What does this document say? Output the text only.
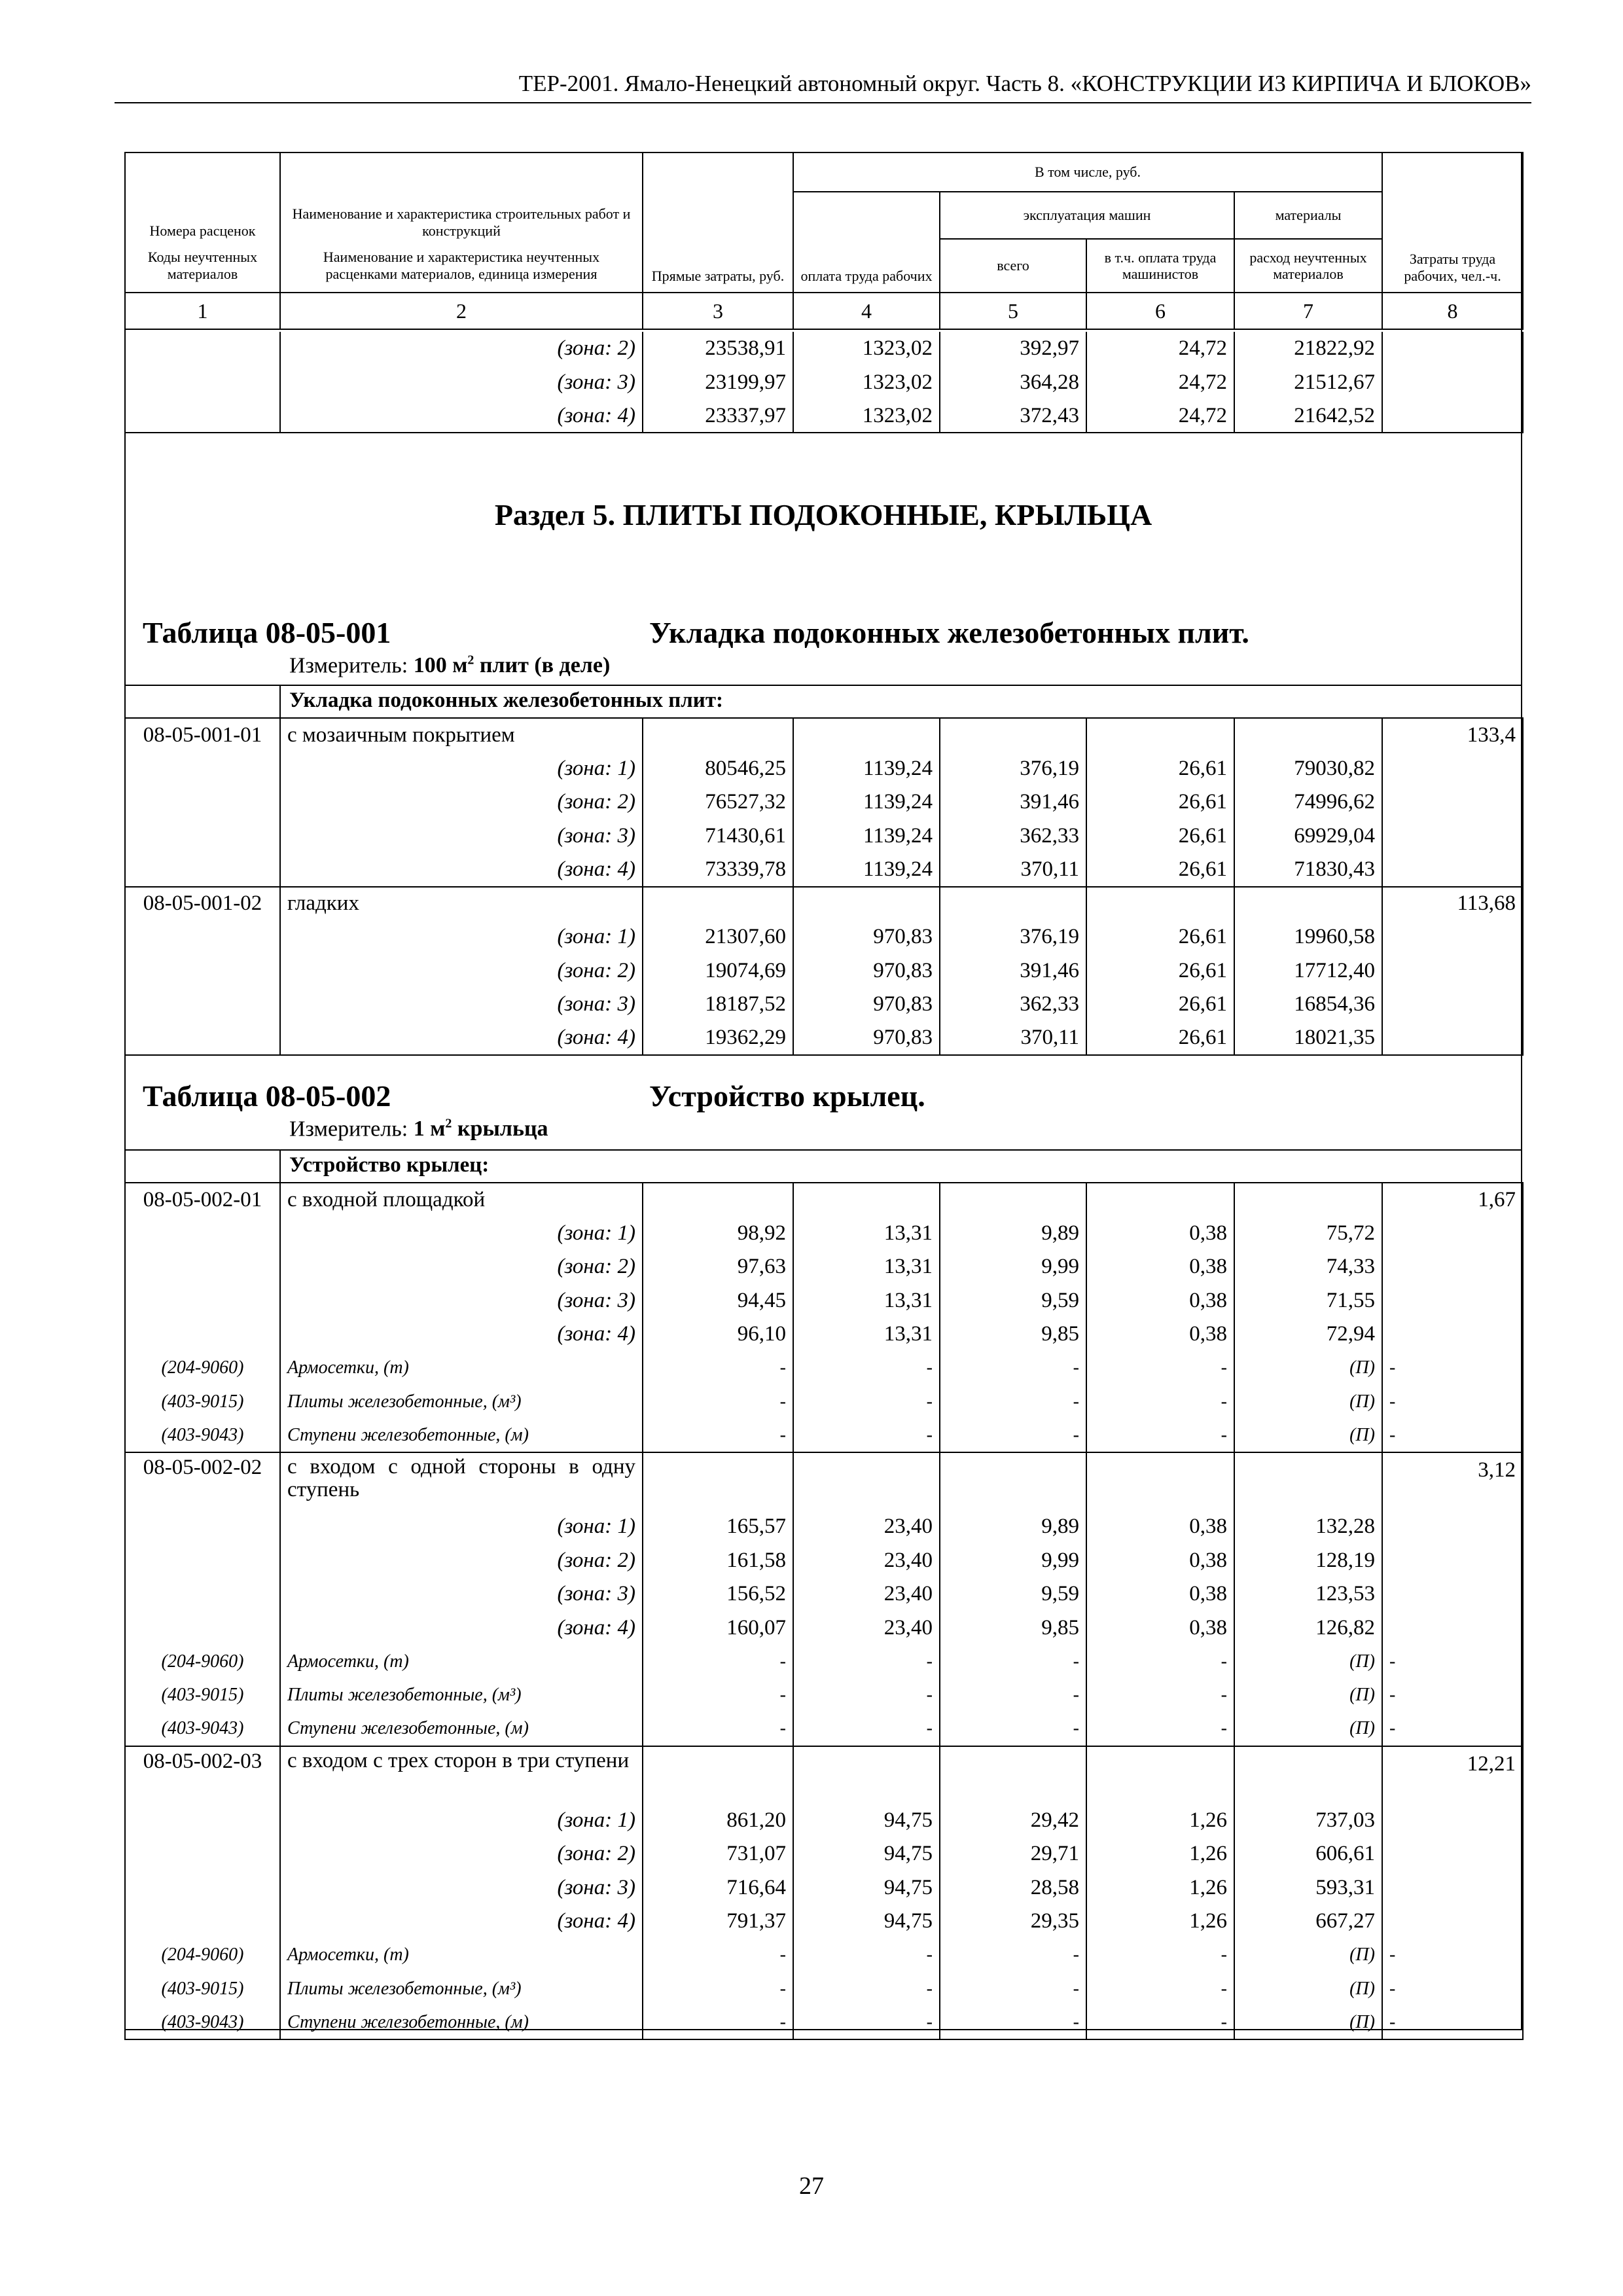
ТЕР-2001. Ямало-Ненецкий автономный округ. Часть 8. «КОНСТРУКЦИИ ИЗ КИРПИЧА И БЛОКОВ»
Номера расценок	Наименование и характеристика строительных работ и конструкций	Прямые затраты, руб.	В том числе, руб.				Затраты труда рабочих, чел.-ч.
			оплата труда рабочих	эксплуатация машин		материалы	
Коды неучтенных материалов	Наименование и характеристика неучтенных расценками материалов, единица измерения			всего	в т.ч. оплата труда машинистов	расход неучтенных материалов	
1	2	3	4	5	6	7	8
	(зона: 2)	23538,91	1323,02	392,97	24,72	21822,92	
	(зона: 3)	23199,97	1323,02	364,28	24,72	21512,67	
	(зона: 4)	23337,97	1323,02	372,43	24,72	21642,52	
Раздел 5. ПЛИТЫ ПОДОКОННЫЕ, КРЫЛЬЦА
Таблица 08-05-001	Укладка подоконных железобетонных плит.
Измеритель: 100 $м^2$ плит (в деле)
Укладка подоконных железобетонных плит:
08-05-001-01	с мозаичным покрытием						133,4
	(зона: 1)	80546,25	1139,24	376,19	26,61	79030,82	
	(зона: 2)	76527,32	1139,24	391,46	26,61	74996,62	
	(зона: 3)	71430,61	1139,24	362,33	26,61	69929,04	
	(зона: 4)	73339,78	1139,24	370,11	26,61	71830,43	
08-05-001-02	гладких						113,68
	(зона: 1)	21307,60	970,83	376,19	26,61	19960,58	
	(зона: 2)	19074,69	970,83	391,46	26,61	17712,40	
	(зона: 3)	18187,52	970,83	362,33	26,61	16854,36	
	(зона: 4)	19362,29	970,83	370,11	26,61	18021,35	
Таблица 08-05-002	Устройство крылец.
Измеритель: 1 $м^2$ крыльца
Устройство крылец:
08-05-002-01	с входной площадкой						1,67
	(зона: 1)	98,92	13,31	9,89	0,38	75,72	
	(зона: 2)	97,63	13,31	9,99	0,38	74,33	
	(зона: 3)	94,45	13,31	9,59	0,38	71,55	
	(зона: 4)	96,10	13,31	9,85	0,38	72,94	
(204-9060)	Армосетки, (т)	-	-	-	-	(П)	-
(403-9015)	Плиты железобетонные, (м³)	-	-	-	-	(П)	-
(403-9043)	Ступени железобетонные, (м)	-	-	-	-	(П)	-
08-05-002-02	с входом с одной стороны в одну ступень						3,12
	(зона: 1)	165,57	23,40	9,89	0,38	132,28	
	(зона: 2)	161,58	23,40	9,99	0,38	128,19	
	(зона: 3)	156,52	23,40	9,59	0,38	123,53	
	(зона: 4)	160,07	23,40	9,85	0,38	126,82	
(204-9060)	Армосетки, (т)	-	-	-	-	(П)	-
(403-9015)	Плиты железобетонные, (м³)	-	-	-	-	(П)	-
(403-9043)	Ступени железобетонные, (м)	-	-	-	-	(П)	-
08-05-002-03	с входом с трех сторон в три ступени						12,21
	(зона: 1)	861,20	94,75	29,42	1,26	737,03	
	(зона: 2)	731,07	94,75	29,71	1,26	606,61	
	(зона: 3)	716,64	94,75	28,58	1,26	593,31	
	(зона: 4)	791,37	94,75	29,35	1,26	667,27	
(204-9060)	Армосетки, (т)	-	-	-	-	(П)	-
(403-9015)	Плиты железобетонные, (м³)	-	-	-	-	(П)	-
(403-9043)	Ступени железобетонные, (м)	-	-	-	-	(П)	-
27
